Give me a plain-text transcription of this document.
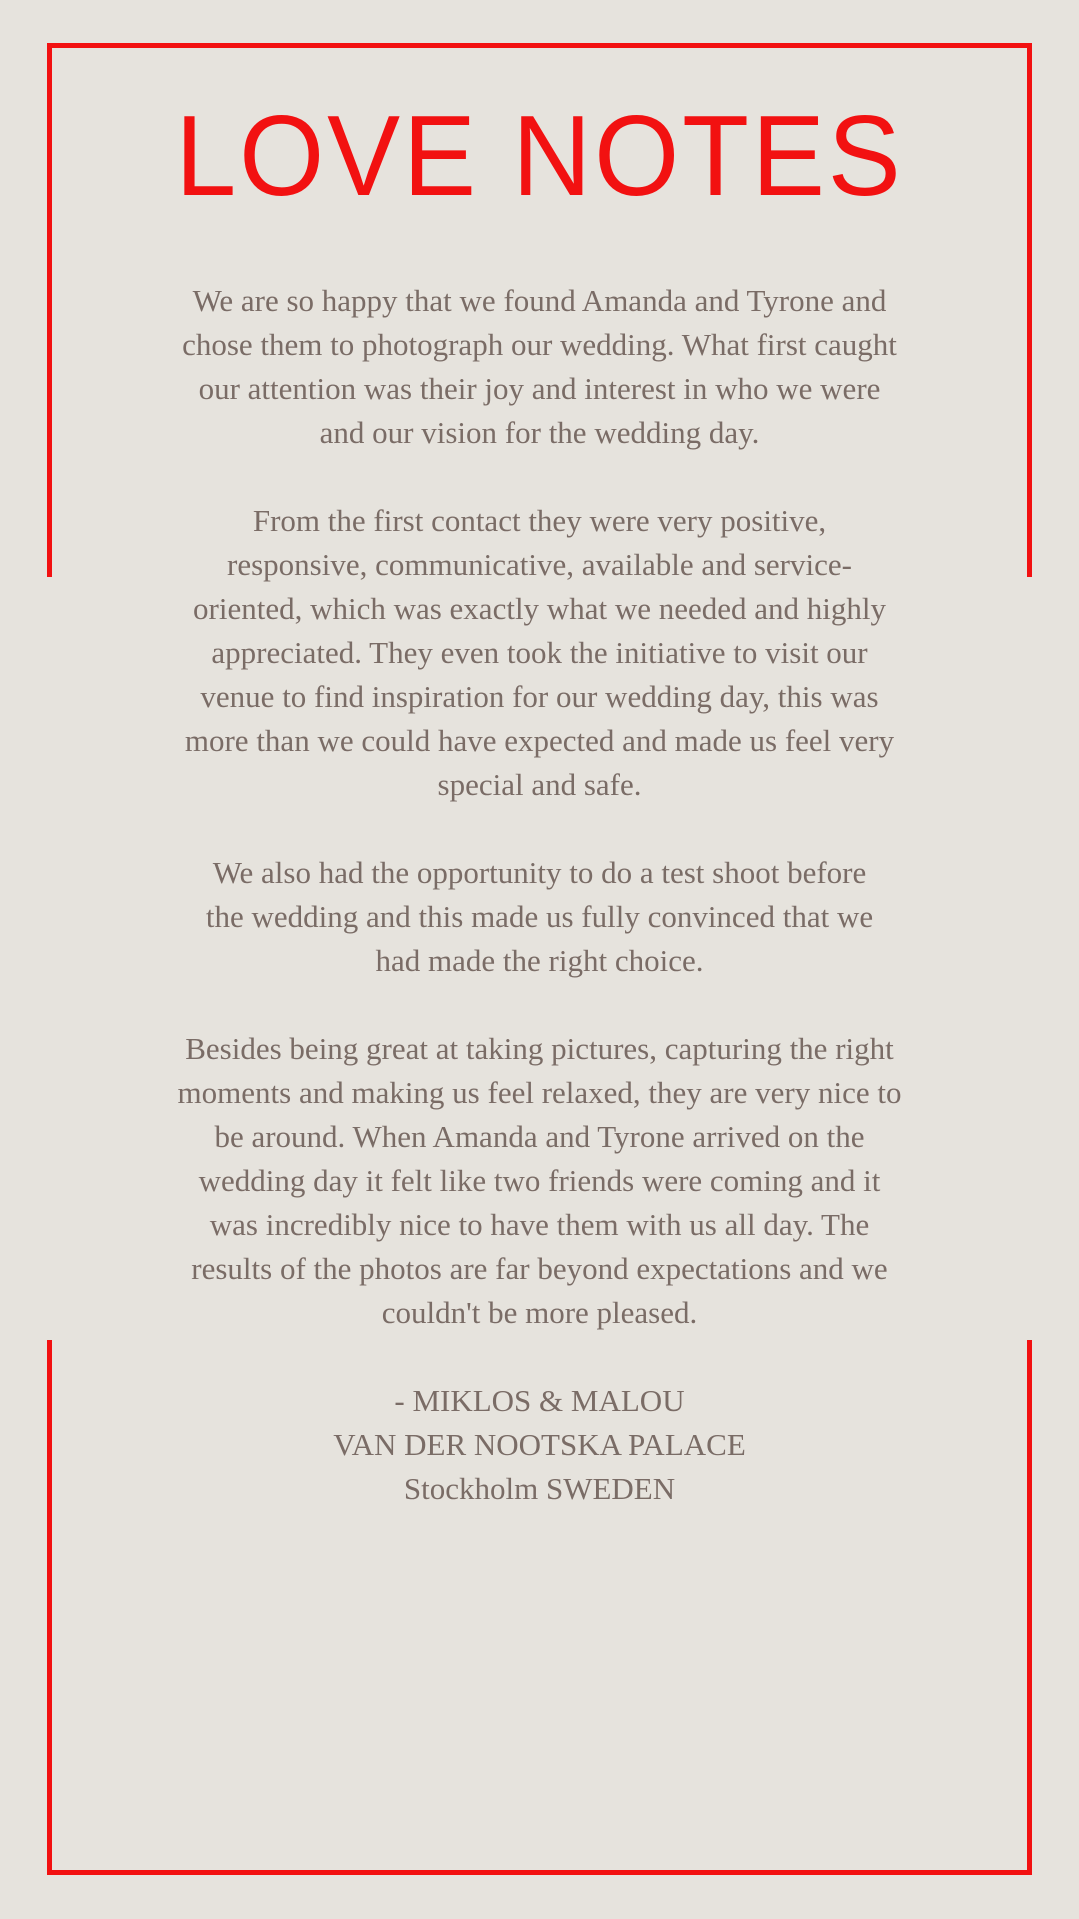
LOVE NOTES

We are so happy that we found Amanda and Tyrone and chose them to photograph our wedding. What first caught our attention was their joy and interest in who we were and our vision for the wedding day.

From the first contact they were very positive, responsive, communicative, available and service-oriented, which was exactly what we needed and highly appreciated. They even took the initiative to visit our venue to find inspiration for our wedding day, this was more than we could have expected and made us feel very special and safe.

We also had the opportunity to do a test shoot before the wedding and this made us fully convinced that we had made the right choice.

Besides being great at taking pictures, capturing the right moments and making us feel relaxed, they are very nice to be around. When Amanda and Tyrone arrived on the wedding day it felt like two friends were coming and it was incredibly nice to have them with us all day. The results of the photos are far beyond expectations and we couldn't be more pleased.

- MIKLOS & MALOU
VAN DER NOOTSKA PALACE
Stockholm SWEDEN
